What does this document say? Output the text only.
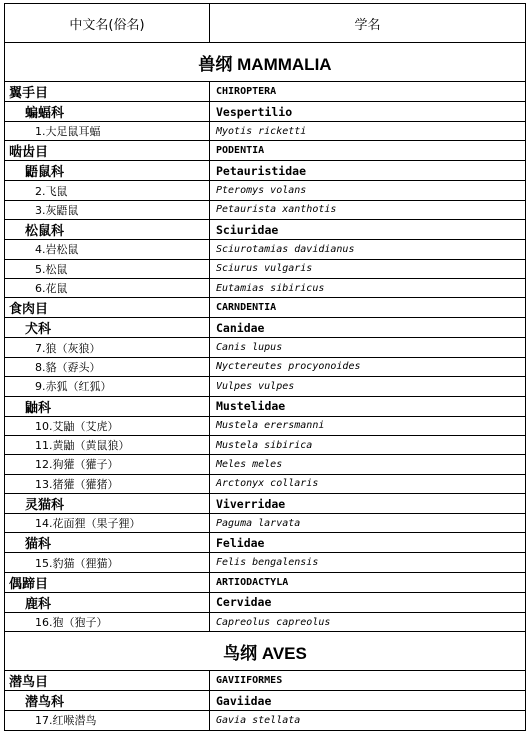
中文名(俗名)	学名
兽纲 MAMMALIA	
翼手目	CHIROPTERA
蝙蝠科	Vespertilio
1.大足鼠耳蝠	Myotis ricketti
啮齿目	PODENTIA
鼯鼠科	Petauristidae
2.飞鼠	Pteromys volans
3.灰鼯鼠	Petaurista xanthotis
松鼠科	Sciuridae
4.岩松鼠	Sciurotamias davidianus
5.松鼠	Sciurus vulgaris
6.花鼠	Eutamias sibiricus
食肉目	CARNDENTIA
犬科	Canidae
7.狼（灰狼）	Canis lupus
8.貉（孬头）	Nyctereutes procyonoides
9.赤狐（红狐）	Vulpes vulpes
鼬科	Mustelidae
10.艾鼬（艾虎）	Mustela erersmanni
11.黄鼬（黄鼠狼）	Mustela sibirica
12.狗獾（獾子）	Meles meles
13.猪獾（獾猪）	Arctonyx collaris
灵猫科	Viverridae
14.花面狸（果子狸）	Paguma larvata
猫科	Felidae
15.豹猫（狸猫）	Felis bengalensis
偶蹄目	ARTIODACTYLA
鹿科	Cervidae
16.狍（狍子）	Capreolus capreolus
鸟纲 AVES	
潜鸟目	GAVIIFORMES
潜鸟科	Gaviidae
17.红喉潜鸟	Gavia stellata
